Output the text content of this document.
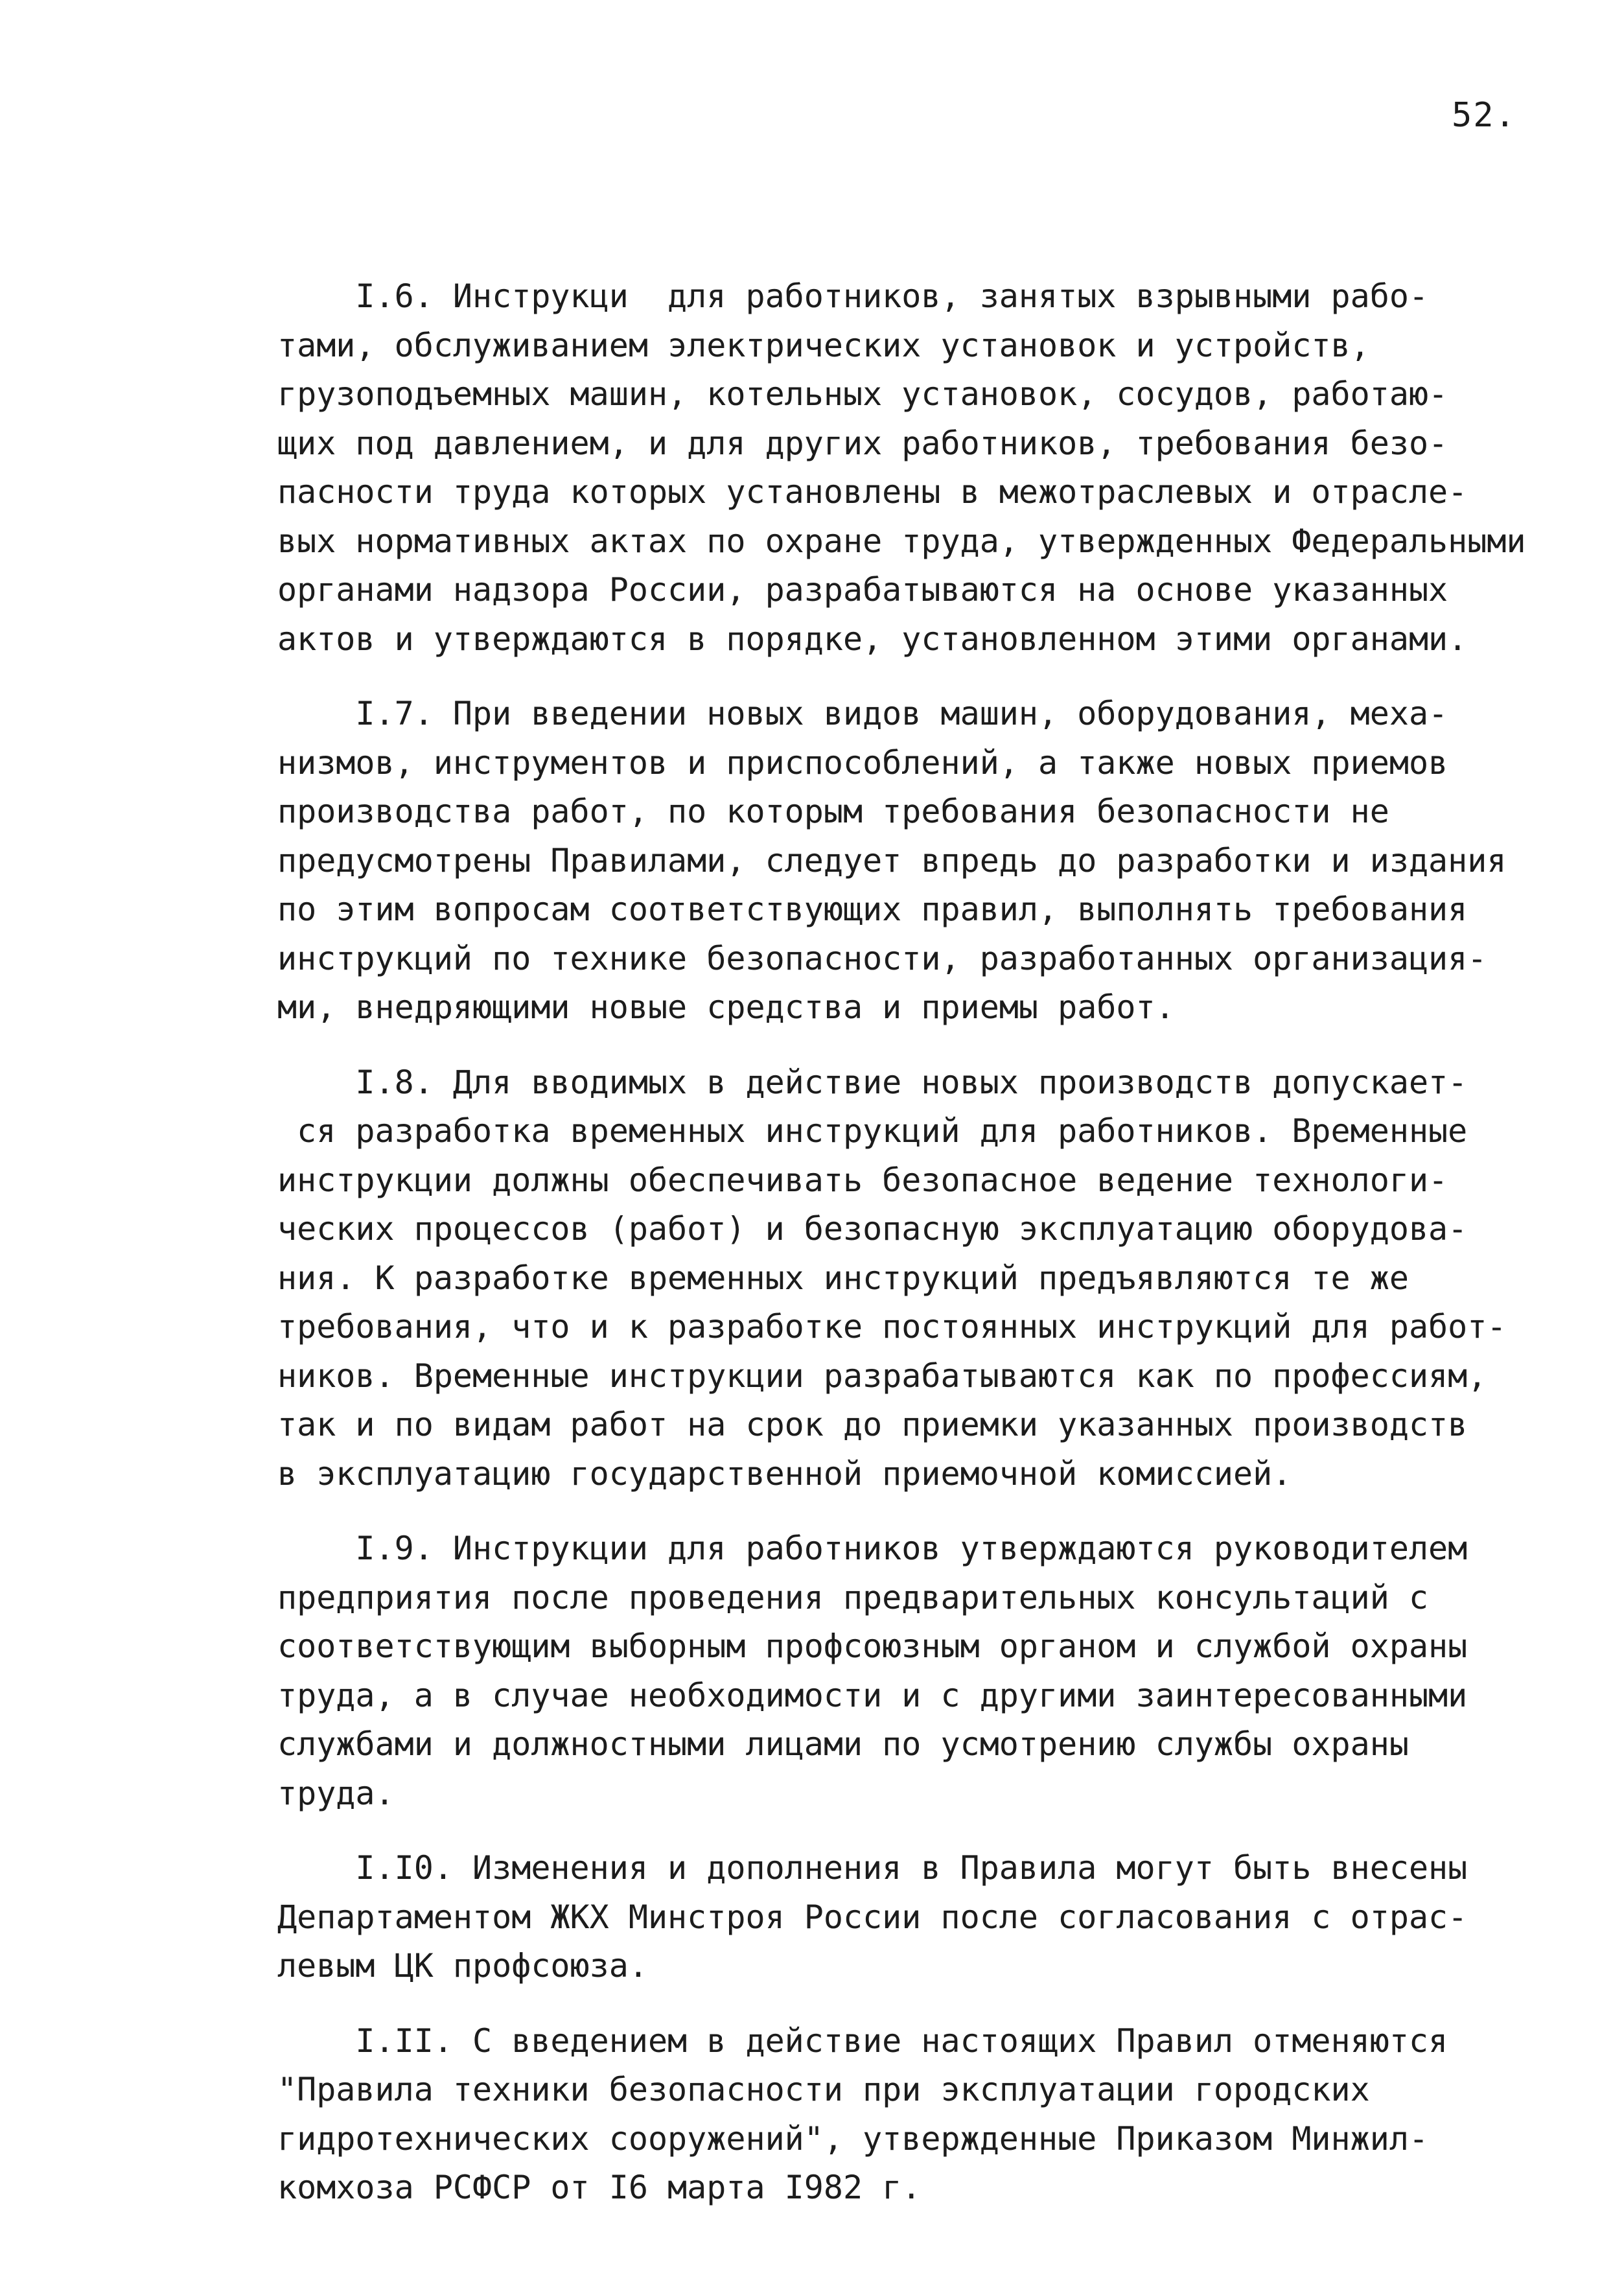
52.
I.6. Инструкци  для работников, занятых взрывными рабо-
тами, обслуживанием электрических установок и устройств,
грузоподъемных машин, котельных установок, сосудов, работаю-
щих под давлением, и для других работников, требования безо-
пасности труда которых установлены в межотраслевых и отрасле-
вых нормативных актах по охране труда, утвержденных Федеральными
органами надзора России, разрабатываются на основе указанных
актов и утверждаются в порядке, установленном этими органами.
I.7. При введении новых видов машин, оборудования, меха-
низмов, инструментов и приспособлений, а также новых приемов
производства работ, по которым требования безопасности не
предусмотрены Правилами, следует впредь до разработки и издания
по этим вопросам соответствующих правил, выполнять требования
инструкций по технике безопасности, разработанных организация-
ми, внедряющими новые средства и приемы работ.
I.8. Для вводимых в действие новых производств допускает-
ся разработка временных инструкций для работников. Временные
инструкции должны обеспечивать безопасное ведение технологи-
ческих процессов (работ) и безопасную эксплуатацию оборудова-
ния. К разработке временных инструкций предъявляются те же
требования, что и к разработке постоянных инструкций для работ-
ников. Временные инструкции разрабатываются как по профессиям,
так и по видам работ на срок до приемки указанных производств
в эксплуатацию государственной приемочной комиссией.
I.9. Инструкции для работников утверждаются руководителем
предприятия после проведения предварительных консультаций с
соответствующим выборным профсоюзным органом и службой охраны
труда, а в случае необходимости и с другими заинтересованными
службами и должностными лицами по усмотрению службы охраны
труда.
I.I0. Изменения и дополнения в Правила могут быть внесены
Департаментом ЖКХ Минстроя России после согласования с отрас-
левым ЦК профсоюза.
I.II. С введением в действие настоящих Правил отменяются
"Правила техники безопасности при эксплуатации городских
гидротехнических сооружений", утвержденные Приказом Минжил-
комхоза РСФСР от I6 марта I982 г.
